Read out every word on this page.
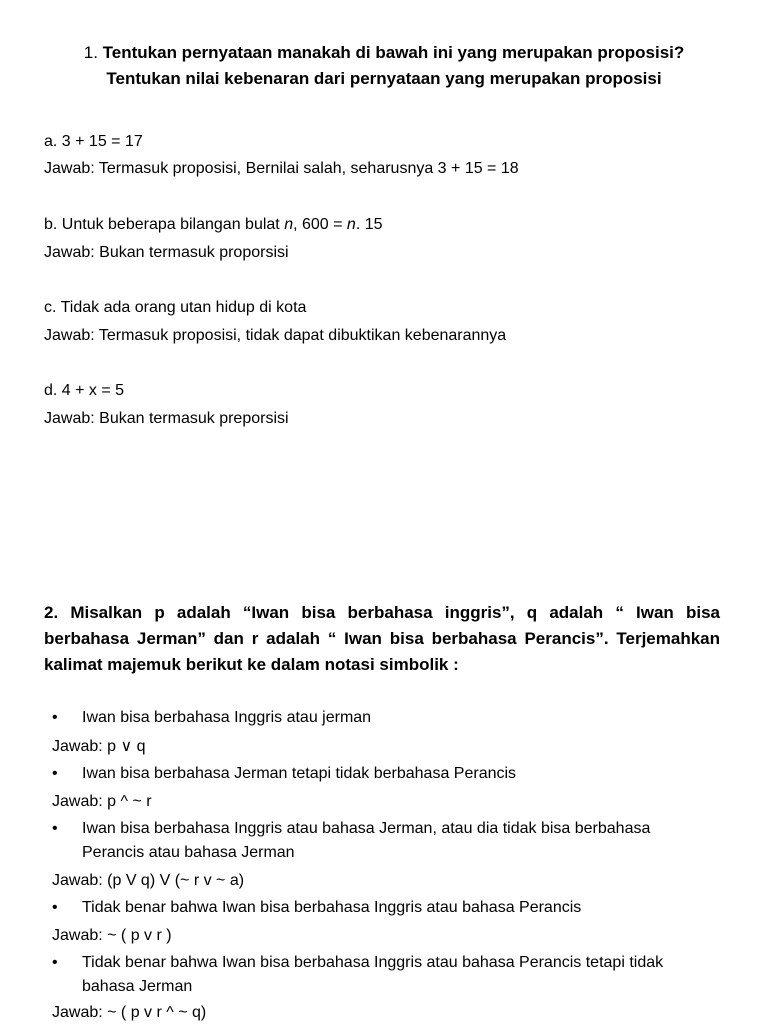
1. Tentukan pernyataan manakah di bawah ini yang merupakan proposisi?
Tentukan nilai kebenaran dari pernyataan yang merupakan proposisi
a. 3 + 15 = 17
Jawab: Termasuk proposisi, Bernilai salah, seharusnya 3 + 15 = 18
b. Untuk beberapa bilangan bulat n, 600 = n. 15
Jawab: Bukan termasuk proporsisi
c. Tidak ada orang utan hidup di kota
Jawab: Termasuk proposisi, tidak dapat dibuktikan kebenarannya
d. 4 + x = 5
Jawab: Bukan termasuk preporsisi
2. Misalkan p adalah “Iwan bisa berbahasa inggris”, q adalah “ Iwan bisa berbahasa Jerman” dan r adalah “ Iwan bisa berbahasa Perancis”. Terjemahkan kalimat majemuk berikut ke dalam notasi simbolik :
• Iwan bisa berbahasa Inggris atau jerman
Jawab: p ∨ q
• Iwan bisa berbahasa Jerman tetapi tidak berbahasa Perancis
Jawab: p ^ ~ r
• Iwan bisa berbahasa Inggris atau bahasa Jerman, atau dia tidak bisa berbahasa
Perancis atau bahasa Jerman
Jawab: (p V q) V (~ r v ~ a)
• Tidak benar bahwa Iwan bisa berbahasa Inggris atau bahasa Perancis
Jawab: ~ ( p v r )
• Tidak benar bahwa Iwan bisa berbahasa Inggris atau bahasa Perancis tetapi tidak
bahasa Jerman
Jawab: ~ ( p v r ^ ~ q)
